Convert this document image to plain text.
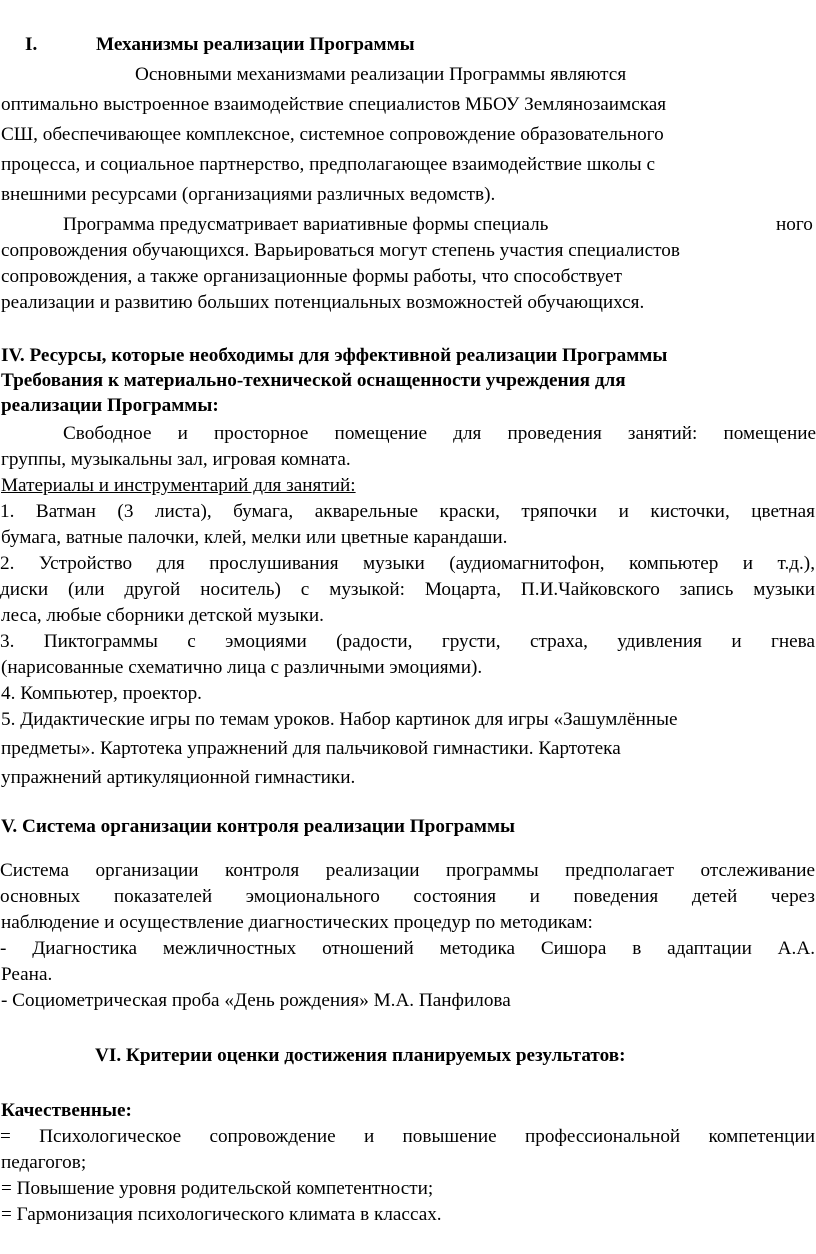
I.	Механизмы реализации Программы
Основными механизмами реализации Программы являются
оптимально выстроенное взаимодействие специалистов МБОУ Землянозаимская
СШ, обеспечивающее комплексное, системное сопровождение образовательного
процесса, и социальное партнерство, предполагающее взаимодействие школы с
внешними ресурсами (организациями различных ведомств).
Программа предусматривает вариативные формы специаль	ного
сопровождения обучающихся. Варьироваться могут степень участия специалистов
сопровождения, а также организационные формы работы, что способствует
реализации и развитию больших потенциальных возможностей обучающихся.
IV. Ресурсы, которые необходимы для эффективной реализации Программы
Требования к материально-технической оснащенности учреждения для
реализации Программы:
Свободное и просторное помещение для проведения занятий: помещение
группы, музыкальны зал, игровая комната.
Материалы и инструментарий для занятий:
1. Ватман (3 листа), бумага, акварельные краски, тряпочки и кисточки, цветная
бумага, ватные палочки, клей, мелки или цветные карандаши.
2. Устройство для прослушивания музыки (аудиомагнитофон, компьютер и т.д.),
диски (или другой носитель) с музыкой: Моцарта, П.И.Чайковского запись музыки
леса, любые сборники детской музыки.
3. Пиктограммы с эмоциями (радости, грусти, страха, удивления и гнева
(нарисованные схематично лица с различными эмоциями).
4. Компьютер, проектор.
5. Дидактические игры по темам уроков. Набор картинок для игры «Зашумлённые
предметы». Картотека упражнений для пальчиковой гимнастики. Картотека
упражнений артикуляционной гимнастики.
V. Система организации контроля реализации Программы
Система организации контроля реализации программы предполагает отслеживание
основных показателей эмоционального состояния и поведения детей через
наблюдение и осуществление диагностических процедур по методикам:
- Диагностика межличностных отношений методика Сишора в адаптации А.А.
Реана.
- Социометрическая проба «День рождения» М.А. Панфилова
VI. Критерии оценки достижения планируемых результатов:
Качественные:
= Психологическое сопровождение и повышение профессиональной компетенции
педагогов;
= Повышение уровня родительской компетентности;
= Гармонизация психологического климата в классах.
